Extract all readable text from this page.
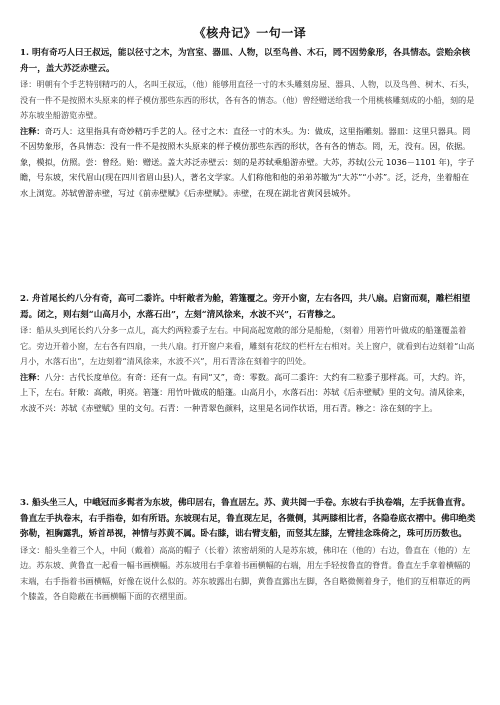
《核舟记》一句一译

1. 明有奇巧人曰王叔远，能以径寸之木，为宫室、器皿、人物，以至鸟兽、木石，罔不因势象形，各具情态。尝贻余核舟一，盖大苏泛赤壁云。

译：明朝有个手艺特别精巧的人，名叫王叔远，（他）能够用直径一寸的木头雕刻房屋、器具、人物，以及鸟兽、树木、石头，没有一件不是按照木头原来的样子模仿那些东西的形状，各有各的情态。（他）曾经赠送给我一个用桃核雕刻成的小船，刻的是苏东坡坐船游览赤壁。

注释：奇巧人：这里指具有奇妙精巧手艺的人。径寸之木：直径一寸的木头。为：做成，这里指雕刻。器皿：这里只器具。罔不因势象形，各具情态：没有一件不是按照木头原来的样子模仿那些东西的形状，各有各的情态。罔，无，没有。因，依据。象，模拟，仿照。尝：曾经。贻：赠送。盖大苏泛赤壁云：刻的是苏轼乘船游赤壁。大苏，苏轼(公元 1036－1101 年)，字子瞻，号东坡，宋代眉山(现在四川省眉山县)人，著名文学家。人们称他和他的弟弟苏辙为“大苏”“小苏”。泛，泛舟，坐着船在水上浏览。苏轼曾游赤壁，写过《前赤壁赋》《后赤壁赋》。赤壁，在现在湖北省黄冈县城外。

2. 舟首尾长约八分有奇，高可二黍许。中轩敞者为舱，箬篷覆之。旁开小窗，左右各四，共八扇。启窗而观，雕栏相望焉。闭之，则右刻“山高月小，水落石出”，左刻“清风徐来，水波不兴”，石青糁之。

译：船从头到尾长约八分多一点儿，高大约两粒黍子左右。中间高起宽敞的部分是船舱，（刻着）用箬竹叶做成的船篷覆盖着它。旁边开着小窗，左右各有四扇，一共八扇。打开窗户来看，雕刻有花纹的栏杆左右相对。关上窗户，就看到右边刻着“山高月小，水落石出”，左边刻着“清风徐来，水波不兴”，用石青涂在刻着字的凹处。

注释：八分：古代长度单位。有奇：还有一点。有同“又”，奇：零数。高可二黍许：大约有二粒黍子那样高。可，大约。许，上下，左右。轩敞：高敞，明亮。箬篷：用竹叶做成的船篷。山高月小，水落石出：苏轼《后赤壁赋》里的文句。清风徐来，水波不兴：苏轼《赤壁赋》里的文句。石青：一种青翠色颜料，这里是名词作状语，用石青。糁之：涂在刻的字上。

3. 船头坐三人，中峨冠而多髯者为东坡，佛印居右，鲁直居左。苏、黄共阅一手卷。东坡右手执卷端，左手抚鲁直背。鲁直左手执卷末，右手指卷，如有所语。东坡现右足，鲁直现左足，各微侧，其两膝相比者，各隐卷底衣褶中。佛印绝类弥勒，袒胸露乳，矫首昂视，神情与苏黄不属。卧右膝，诎右臂支船，而竖其左膝，左臂挂念珠倚之，珠可历历数也。

译文：船头坐着三个人，中间（戴着）高高的帽子（长着）浓密胡须的人是苏东坡，佛印在（他的）右边，鲁直在（他的）左边。苏东坡、黄鲁直一起看一幅书画横幅。苏东坡用右手拿着书画横幅的右端，用左手轻按鲁直的脊背。鲁直左手拿着横幅的末端，右手指着书画横幅，好像在说什么似的。苏东坡露出右脚，黄鲁直露出左脚，各自略微侧着身子，他们的互相靠近的两个膝盖，各自隐蔽在书画横幅下面的衣褶里面。
